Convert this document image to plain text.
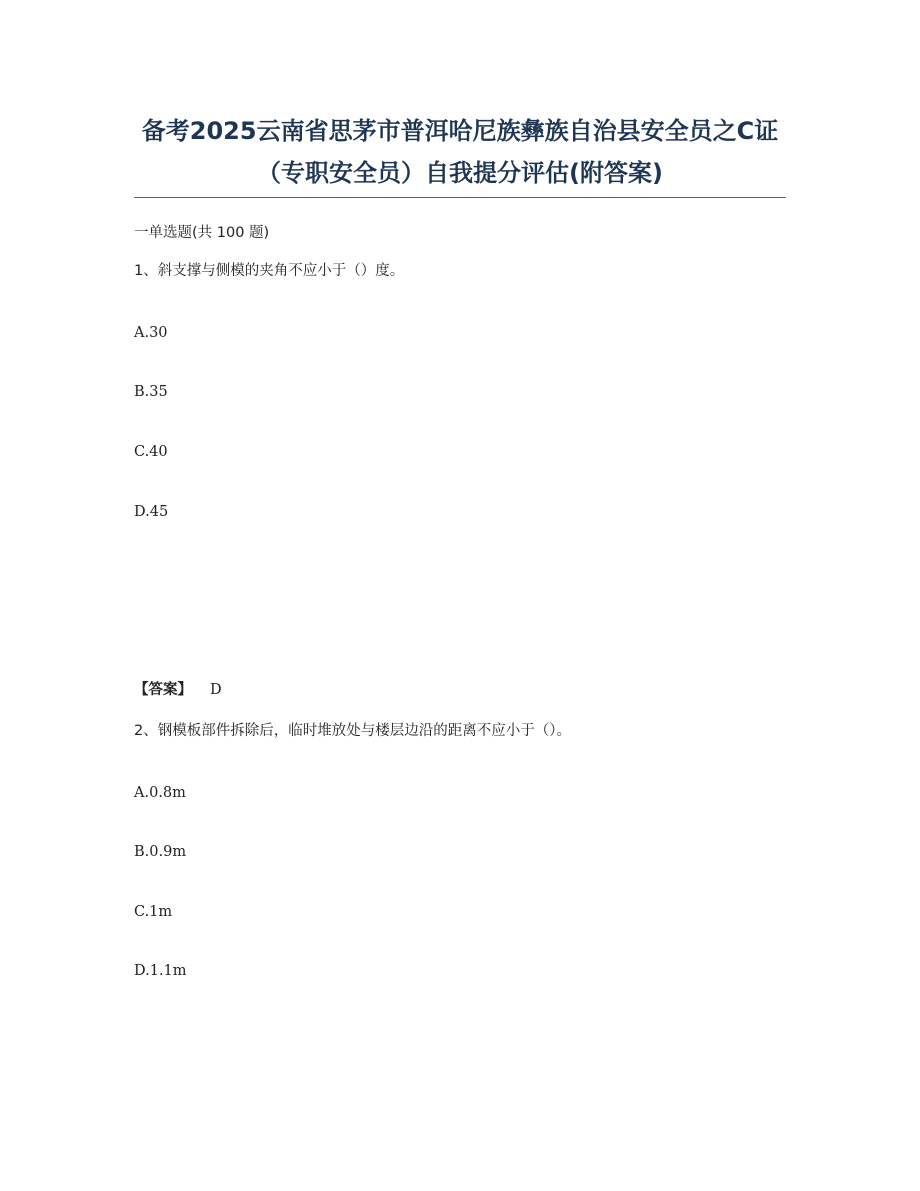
备考2025云南省思茅市普洱哈尼族彝族自治县安全员之C证（专职安全员）自我提分评估(附答案)
一单选题(共 100 题)
1、斜支撑与侧模的夹角不应小于（）度。
A.30
B.35
C.40
D.45
【答案】 D
2、钢模板部件拆除后，临时堆放处与楼层边沿的距离不应小于（）。
A.0.8m
B.0.9m
C.1m
D.1.1m
